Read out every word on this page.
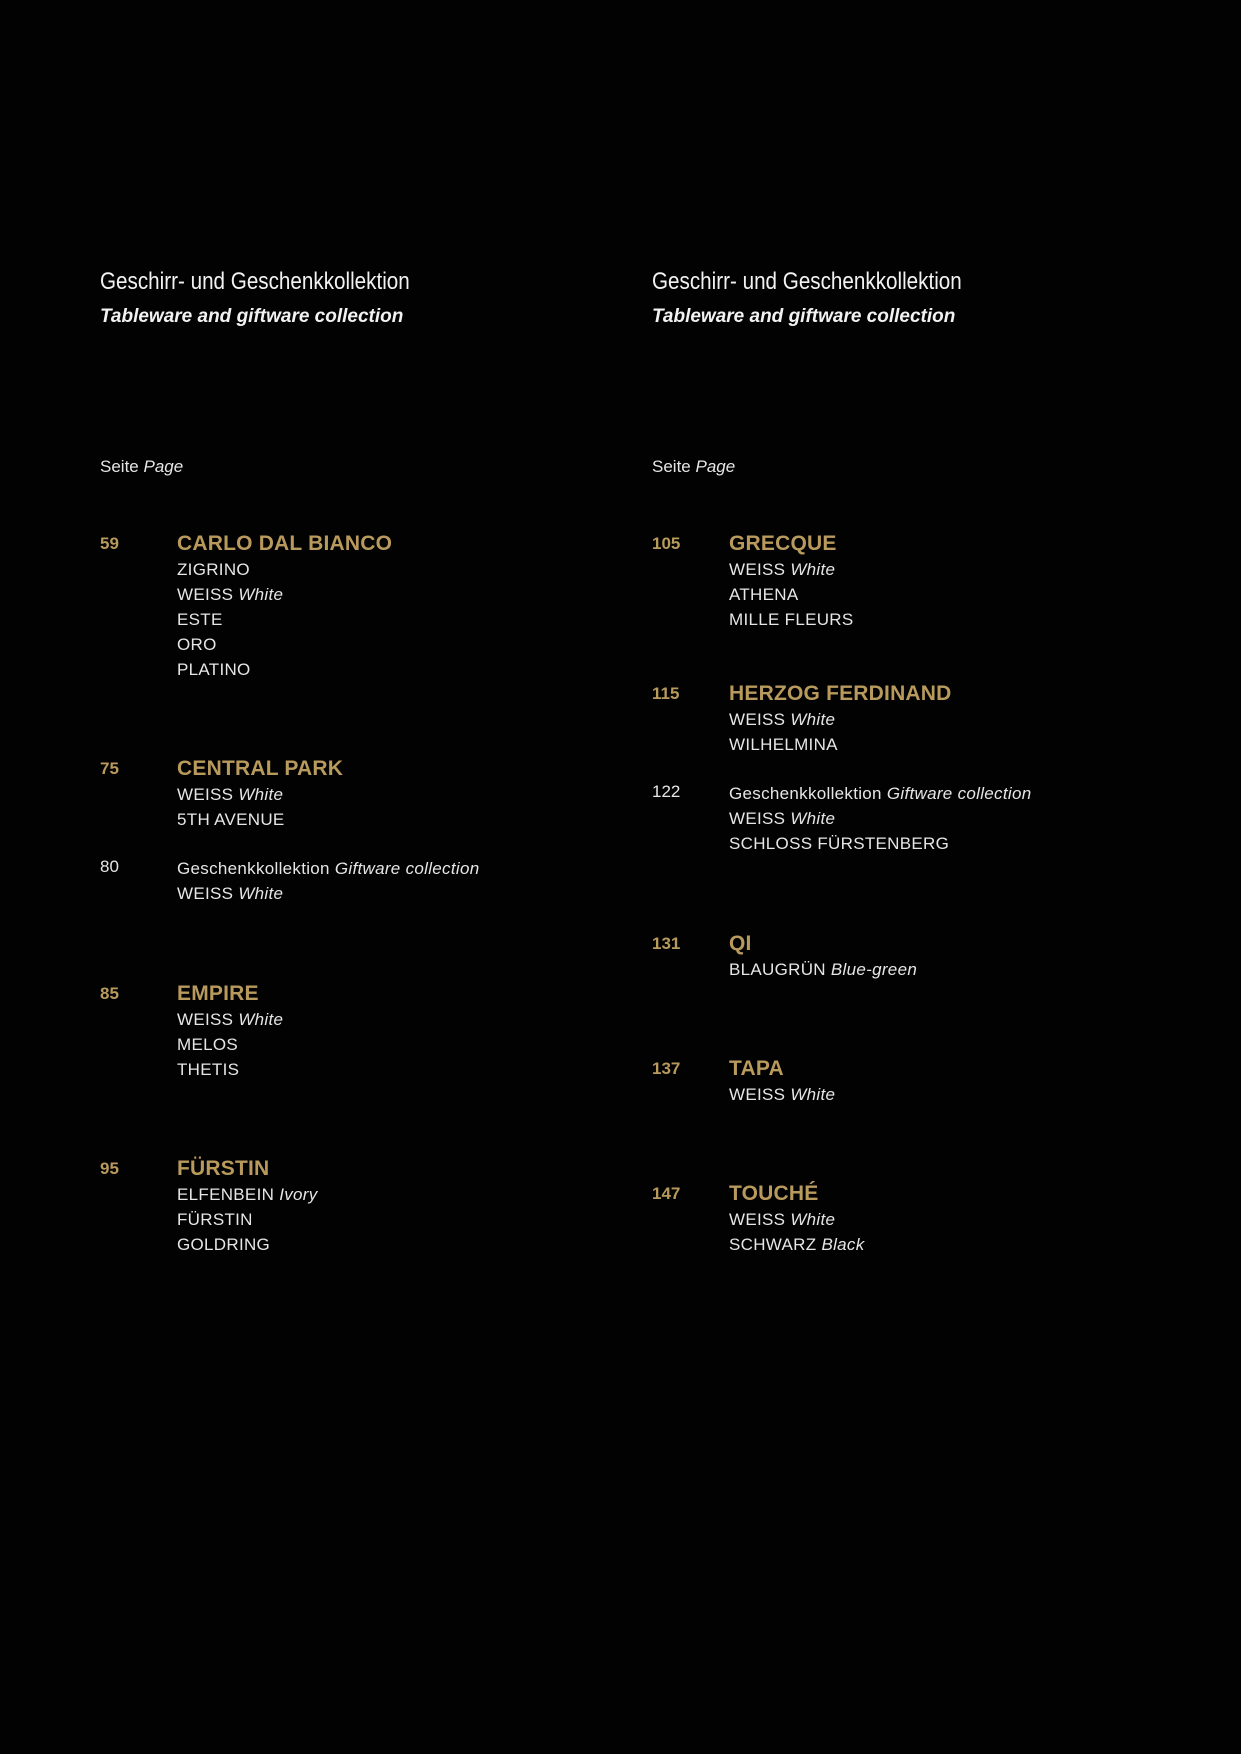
Geschirr- und Geschenkkollektion
Tableware and giftware collection
Seite Page
59	CARLO DAL BIANCO
ZIGRINO
WEISS White
ESTE
ORO
PLATINO
75	CENTRAL PARK
WEISS White
5TH AVENUE
80	Geschenkkollektion Giftware collection
WEISS White
85	EMPIRE
WEISS White
MELOS
THETIS
95	FÜRSTIN
ELFENBEIN Ivory
FÜRSTIN
GOLDRING
Geschirr- und Geschenkkollektion
Tableware and giftware collection
Seite Page
105	GRECQUE
WEISS White
ATHENA
MILLE FLEURS
115	HERZOG FERDINAND
WEISS White
WILHELMINA
122	Geschenkkollektion Giftware collection
WEISS White
SCHLOSS FÜRSTENBERG
131	QI
BLAUGRÜN Blue-green
137	TAPA
WEISS White
147	TOUCHÉ
WEISS White
SCHWARZ Black
